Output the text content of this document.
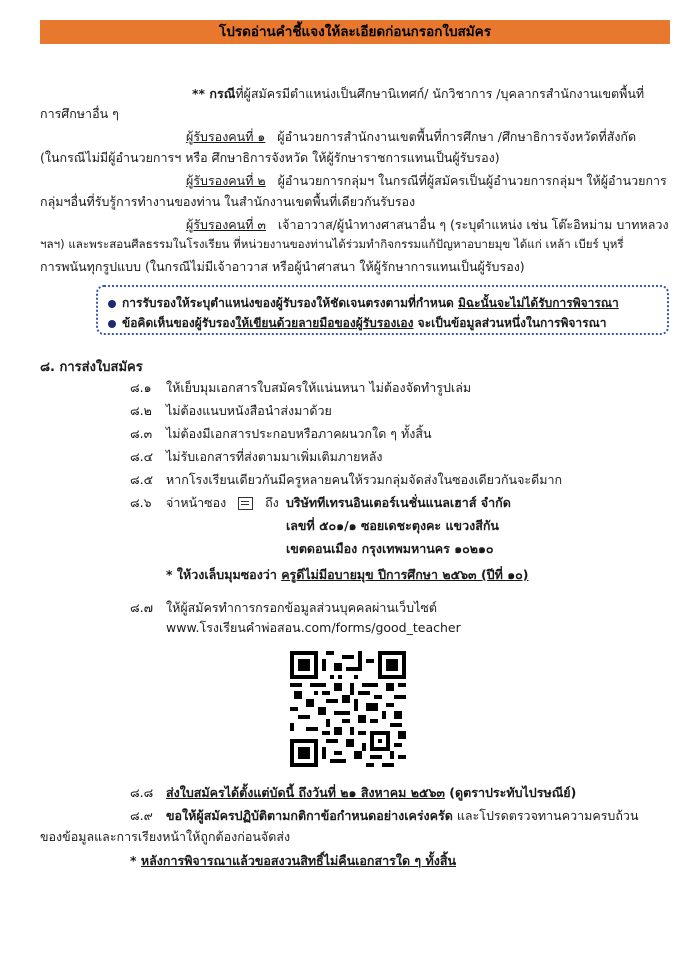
โปรดอ่านคำชี้แจงให้ละเอียดก่อนกรอกใบสมัคร
** กรณีที่ผู้สมัครมีตำแหน่งเป็นศึกษานิเทศก์/ นักวิชาการ /บุคลากรสำนักงานเขตพื้นที่
การศึกษาอื่น ๆ
ผู้รับรองคนที่ ๑ ผู้อำนวยการสำนักงานเขตพื้นที่การศึกษา /ศึกษาธิการจังหวัดที่สังกัด
(ในกรณีไม่มีผู้อำนวยการฯ หรือ ศึกษาธิการจังหวัด ให้ผู้รักษาราชการแทนเป็นผู้รับรอง)
ผู้รับรองคนที่ ๒ ผู้อำนวยการกลุ่มฯ ในกรณีที่ผู้สมัครเป็นผู้อำนวยการกลุ่มฯ ให้ผู้อำนวยการ
กลุ่มฯอื่นที่รับรู้การทำงานของท่าน ในสำนักงานเขตพื้นที่เดียวกันรับรอง
ผู้รับรองคนที่ ๓ เจ้าอาวาส/ผู้นำทางศาสนาอื่น ๆ (ระบุตำแหน่ง เช่น โต๊ะอิหม่าม บาทหลวง
ฯลฯ) และพระสอนศีลธรรมในโรงเรียน ที่หน่วยงานของท่านได้ร่วมทำกิจกรรมแก้ปัญหาอบายมุข ได้แก่ เหล้า เบียร์ บุหรี่
การพนันทุกรูปแบบ (ในกรณีไม่มีเจ้าอาวาส หรือผู้นำศาสนา ให้ผู้รักษาการแทนเป็นผู้รับรอง)
การรับรองให้ระบุตำแหน่งของผู้รับรองให้ชัดเจนตรงตามที่กำหนด มิฉะนั้นจะไม่ได้รับการพิจารณา
ข้อคิดเห็นของผู้รับรองให้เขียนด้วยลายมือของผู้รับรองเอง จะเป็นข้อมูลส่วนหนึ่งในการพิจารณา
๘. การส่งใบสมัคร
๘.๑ ให้เย็บมุมเอกสารใบสมัครให้แน่นหนา ไม่ต้องจัดทำรูปเล่ม
๘.๒ ไม่ต้องแนบหนังสือนำส่งมาด้วย
๘.๓ ไม่ต้องมีเอกสารประกอบหรือภาคผนวกใด ๆ ทั้งสิ้น
๘.๔ ไม่รับเอกสารที่ส่งตามมาเพิ่มเติมภายหลัง
๘.๕ หากโรงเรียนเดียวกันมีครูหลายคนให้รวมกลุ่มจัดส่งในซองเดียวกันจะดีมาก
๘.๖ จ่าหน้าซอง	ถึง บริษัททีเทรนอินเตอร์เนชั่นแนลเฮาส์ จำกัด
เลขที่ ๕๐๑/๑ ซอยเดชะตุงคะ แขวงสีกัน
เขตดอนเมือง กรุงเทพมหานคร ๑๐๒๑๐
* ให้วงเล็บมุมซองว่า ครูดีไม่มีอบายมุข ปีการศึกษา ๒๕๖๓ (ปีที่ ๑๐)
๘.๗ ให้ผู้สมัครทำการกรอกข้อมูลส่วนบุคคลผ่านเว็บไซต์
www.โรงเรียนคำพ่อสอน.com/forms/good_teacher
๘.๘ ส่งใบสมัครได้ตั้งแต่บัดนี้ ถึงวันที่ ๒๑ สิงหาคม ๒๕๖๓ (ดูตราประทับไปรษณีย์)
๘.๙ ขอให้ผู้สมัครปฏิบัติตามกติกาข้อกำหนดอย่างเคร่งครัด และโปรดตรวจทานความครบถ้วน
ของข้อมูลและการเรียงหน้าให้ถูกต้องก่อนจัดส่ง
* หลังการพิจารณาแล้วขอสงวนสิทธิ์ไม่คืนเอกสารใด ๆ ทั้งสิ้น
